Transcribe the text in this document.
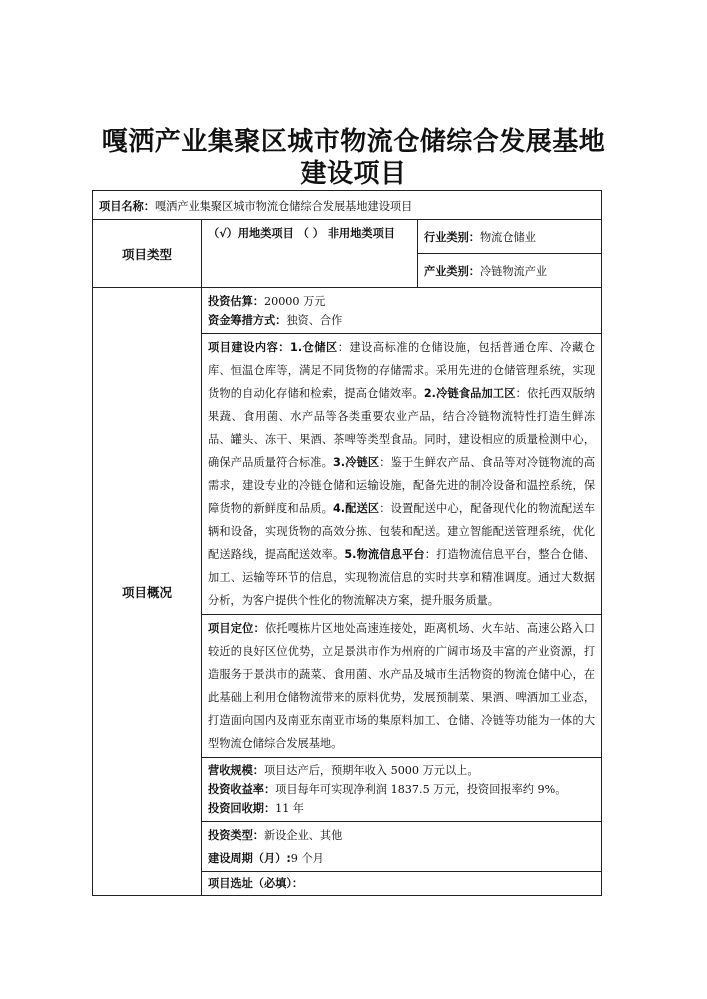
嘎洒产业集聚区城市物流仓储综合发展基地
建设项目
项目名称：嘎洒产业集聚区城市物流仓储综合发展基地建设项目		
项目类型	（√）用地类项目 （ ） 非用地类项目	行业类别：物流仓储业
		产业类别：冷链物流产业
项目概况	投资估算：20000 万元
资金筹措方式：独资、合作	

	项目建设内容：1.仓储区：建设高标准的仓储设施，包括普通仓库、冷藏仓库、恒温仓库等，满足不同货物的存储需求。采用先进的仓储管理系统，实现货物的自动化存储和检索，提高仓储效率。2.冷链食品加工区：依托西双版纳果蔬、食用菌、水产品等各类重要农业产品，结合冷链物流特性打造生鲜冻品、罐头、冻干、果酒、茶啤等类型食品。同时，建设相应的质量检测中心，确保产品质量符合标准。3.冷链区：鉴于生鲜农产品、食品等对冷链物流的高需求，建设专业的冷链仓储和运输设施，配备先进的制冷设备和温控系统，保障货物的新鲜度和品质。4.配送区：设置配送中心，配备现代化的物流配送车辆和设备，实现货物的高效分拣、包装和配送。建立智能配送管理系统，优化配送路线，提高配送效率。5.物流信息平台：打造物流信息平台，整合仓储、加工、运输等环节的信息，实现物流信息的实时共享和精准调度。通过大数据分析，为客户提供个性化的物流解决方案，提升服务质量。	
	项目定位：依托嘎栋片区地处高速连接处，距离机场、火车站、高速公路入口较近的良好区位优势，立足景洪市作为州府的广阔市场及丰富的产业资源，打造服务于景洪市的蔬菜、食用菌、水产品及城市生活物资的物流仓储中心，在此基础上利用仓储物流带来的原料优势，发展预制菜、果酒、啤酒加工业态，打造面向国内及南亚东南亚市场的集原料加工、仓储、冷链等功能为一体的大型物流仓储综合发展基地。	

	营收规模：项目达产后，预期年收入 5000 万元以上。
投资收益率：项目每年可实现净利润 1837.5 万元，投资回报率约 9%。
投资回收期：11 年	

	投资类型：新设企业、其他
建设周期（月）:9 个月	

	项目选址（必填）：	
